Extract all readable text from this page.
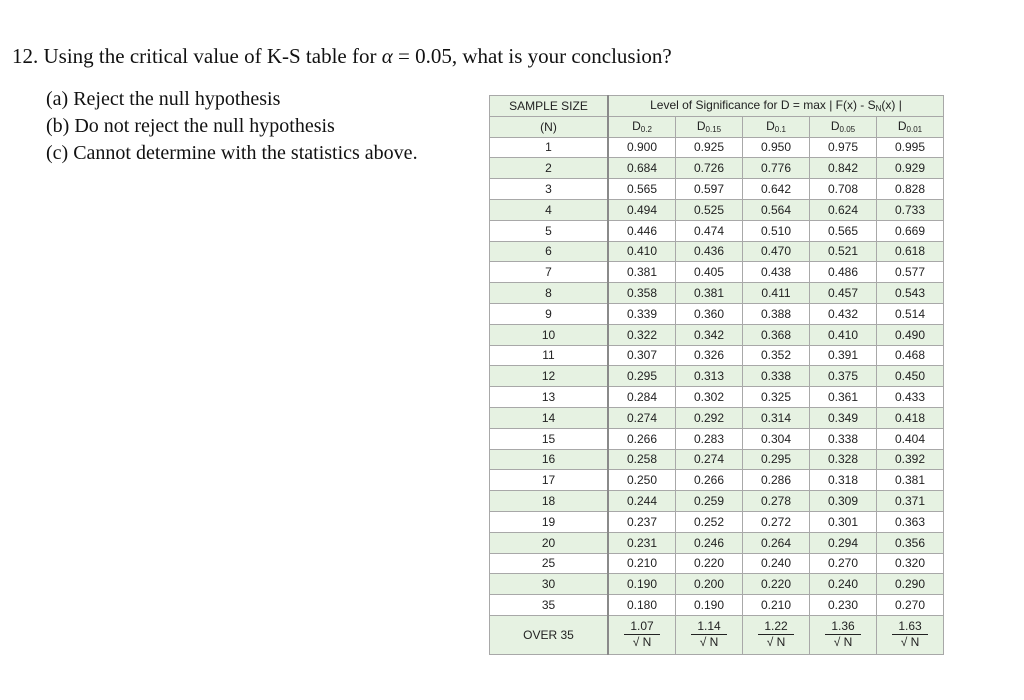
12. Using the critical value of K-S table for α = 0.05, what is your conclusion?
(a) Reject the null hypothesis
(b) Do not reject the null hypothesis
(c) Cannot determine with the statistics above.
SAMPLE SIZE	Level of Significance for D = max | F(x) - SN(x) |				
(N)	D0.2	D0.15	D0.1	D0.05	D0.01
1	0.900	0.925	0.950	0.975	0.995
2	0.684	0.726	0.776	0.842	0.929
3	0.565	0.597	0.642	0.708	0.828
4	0.494	0.525	0.564	0.624	0.733
5	0.446	0.474	0.510	0.565	0.669
6	0.410	0.436	0.470	0.521	0.618
7	0.381	0.405	0.438	0.486	0.577
8	0.358	0.381	0.411	0.457	0.543
9	0.339	0.360	0.388	0.432	0.514
10	0.322	0.342	0.368	0.410	0.490
11	0.307	0.326	0.352	0.391	0.468
12	0.295	0.313	0.338	0.375	0.450
13	0.284	0.302	0.325	0.361	0.433
14	0.274	0.292	0.314	0.349	0.418
15	0.266	0.283	0.304	0.338	0.404
16	0.258	0.274	0.295	0.328	0.392
17	0.250	0.266	0.286	0.318	0.381
18	0.244	0.259	0.278	0.309	0.371
19	0.237	0.252	0.272	0.301	0.363
20	0.231	0.246	0.264	0.294	0.356
25	0.210	0.220	0.240	0.270	0.320
30	0.190	0.200	0.220	0.240	0.290
35	0.180	0.190	0.210	0.230	0.270
OVER 35	$\frac{1.07}{√ N}$	$\frac{1.14}{√ N}$	$\frac{1.22}{√ N}$	$\frac{1.36}{√ N}$	$\frac{1.63}{√ N}$
